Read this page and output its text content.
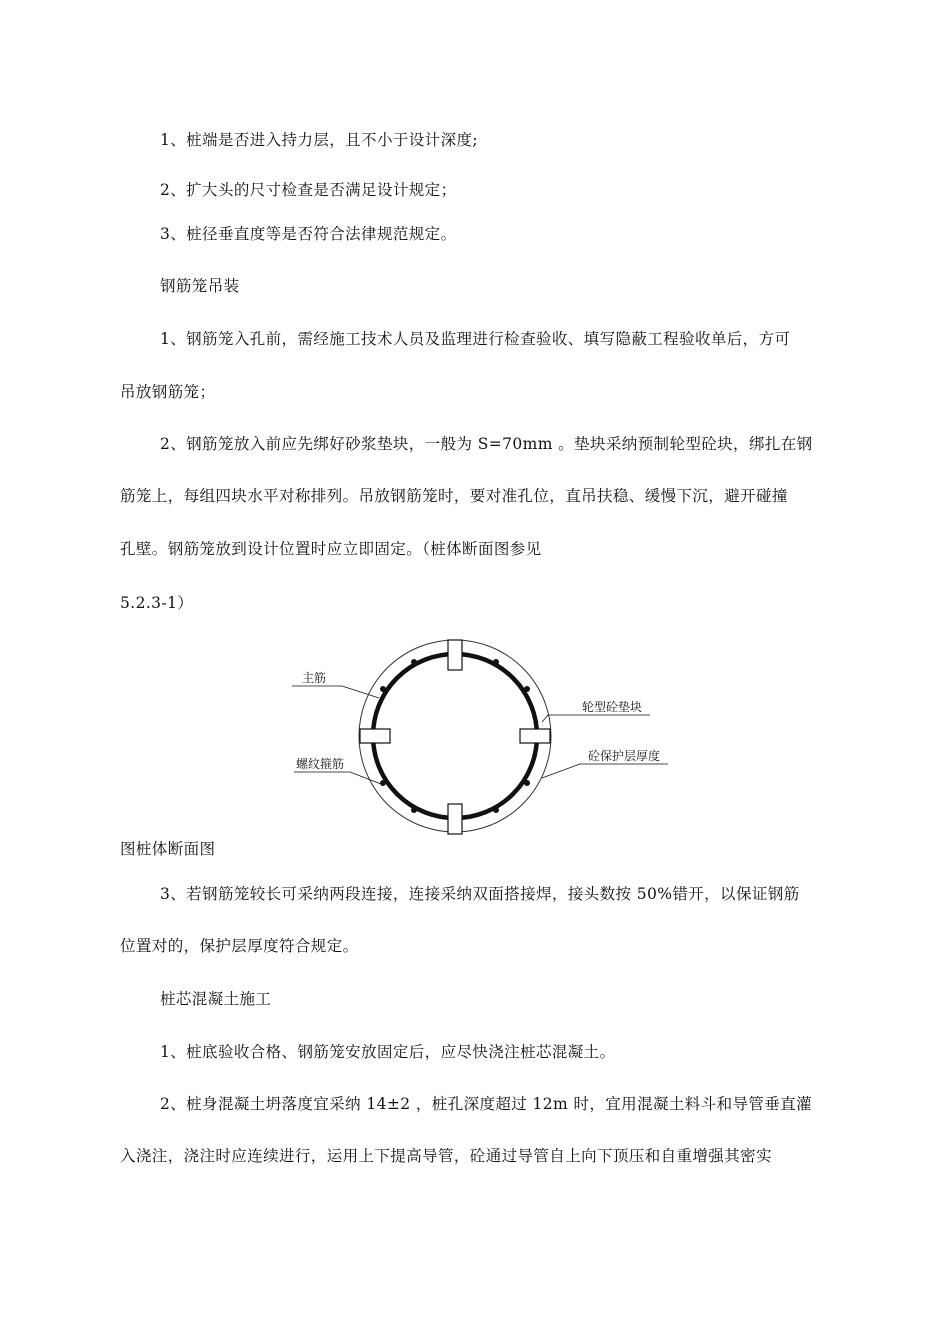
1、桩端是否进入持力层，且不小于设计深度;
2、扩大头的尺寸检查是否满足设计规定；
3、桩径垂直度等是否符合法律规范规定。
钢筋笼吊装
1、钢筋笼入孔前，需经施工技术人员及监理进行检查验收、填写隐蔽工程验收单后，方可
吊放钢筋笼；
2、钢筋笼放入前应先绑好砂浆垫块，一般为 S=70mm 。垫块采纳预制轮型砼块，绑扎在钢
筋笼上，每组四块水平对称排列。吊放钢筋笼时，要对准孔位，直吊扶稳、缓慢下沉，避开碰撞
孔壁。钢筋笼放到设计位置时应立即固定。（桩体断面图参见
5.2.3-1）
主筋
螺纹箍筋
轮型砼垫块
砼保护层厚度
图桩体断面图
3、若钢筋笼较长可采纳两段连接，连接采纳双面搭接焊，接头数按 50%错开，以保证钢筋
位置对的，保护层厚度符合规定。
桩芯混凝土施工
1、桩底验收合格、钢筋笼安放固定后，应尽快浇注桩芯混凝土。
2、桩身混凝土坍落度宜采纳 14±2 ，桩孔深度超过 12m 时，宜用混凝土料斗和导管垂直灌
入浇注，浇注时应连续进行，运用上下提高导管，砼通过导管自上向下顶压和自重增强其密实
